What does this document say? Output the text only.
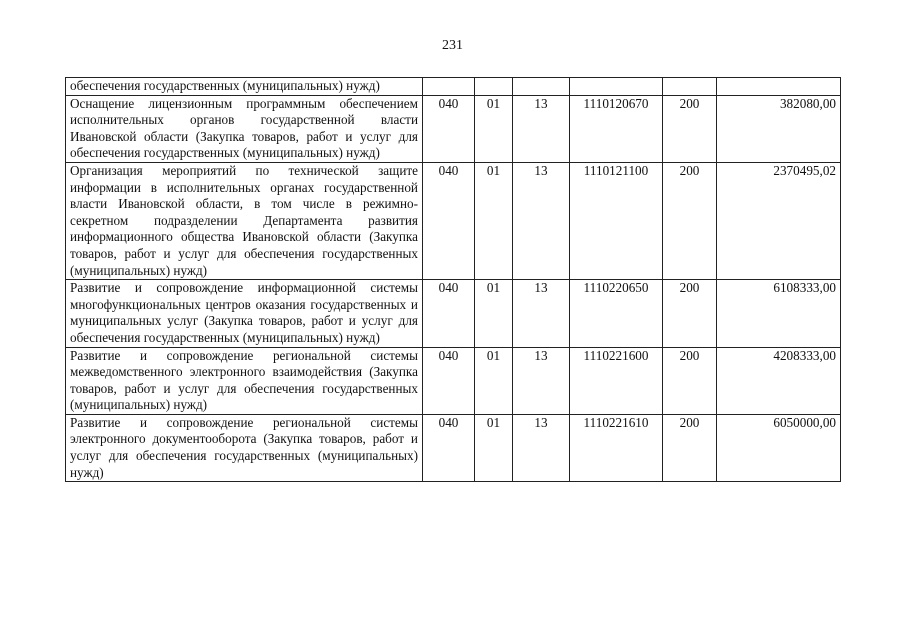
231
обеспечения государственных (муниципальных) нужд)						
Оснащение лицензионным программным обеспечением исполнительных органов государственной власти Ивановской области (Закупка товаров, работ и услуг для обеспечения государственных (муниципальных) нужд)	040	01	13	1110120670	200	382080,00
Организация мероприятий по технической защите информации в исполнительных органах государственной власти Ивановской области, в том числе в режимно-секретном подразделении Департамента развития информационного общества Ивановской области (Закупка товаров, работ и услуг для обеспечения государственных (муниципальных) нужд)	040	01	13	1110121100	200	2370495,02
Развитие и сопровождение информационной системы многофункциональных центров оказания государственных и муниципальных услуг (Закупка товаров, работ и услуг для обеспечения государственных (муниципальных) нужд)	040	01	13	1110220650	200	6108333,00
Развитие и сопровождение региональной системы межведомственного электронного взаимодействия (Закупка товаров, работ и услуг для обеспечения государственных (муниципальных) нужд)	040	01	13	1110221600	200	4208333,00
Развитие и сопровождение региональной системы электронного документооборота (Закупка товаров, работ и услуг для обеспечения государственных (муниципальных) нужд)	040	01	13	1110221610	200	6050000,00
